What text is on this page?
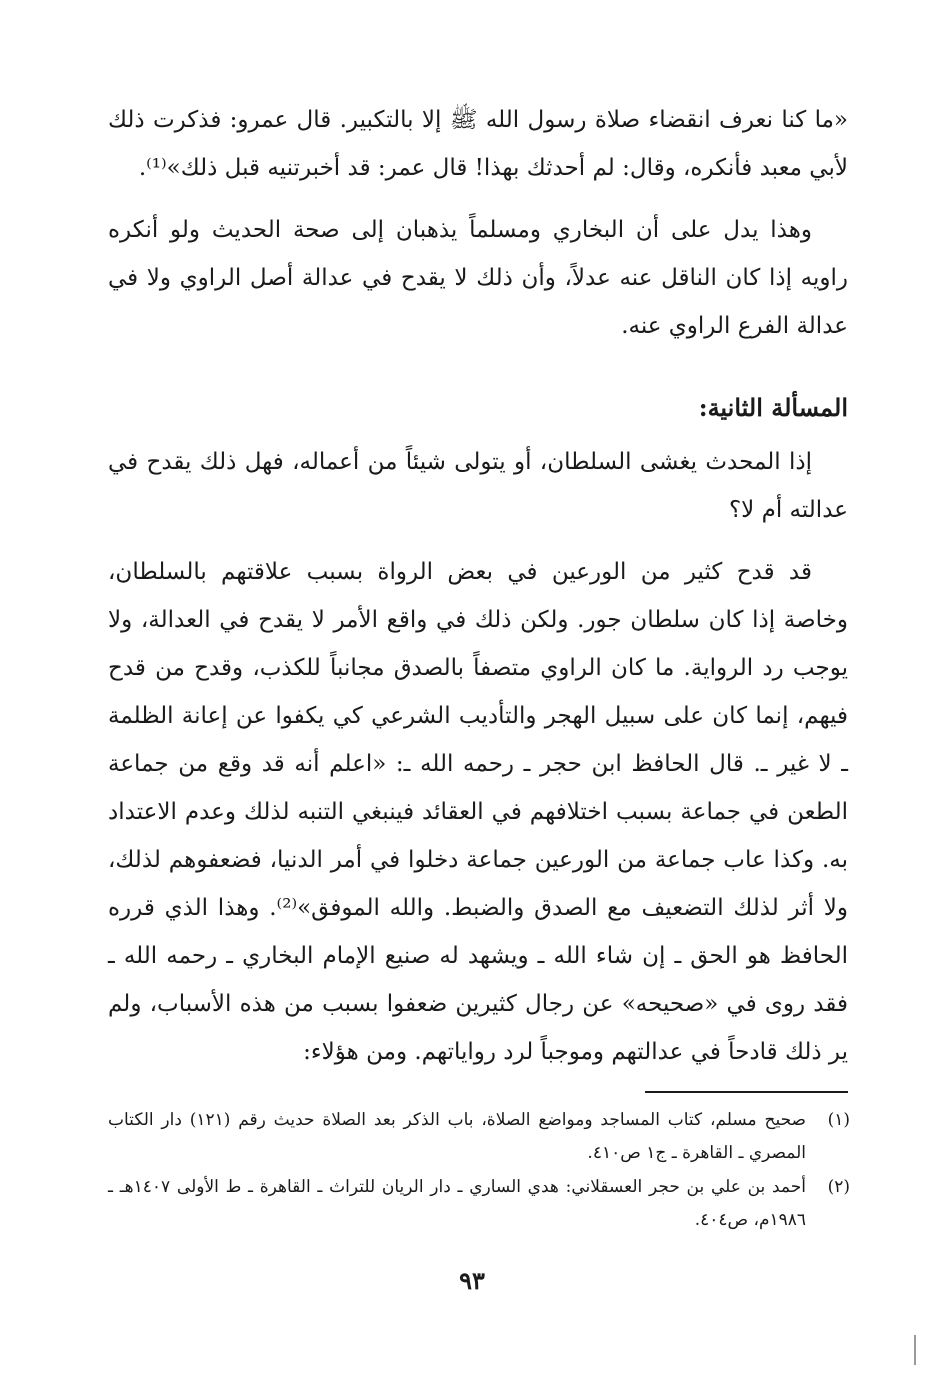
«ما كنا نعرف انقضاء صلاة رسول الله ﷺ إلا بالتكبير. قال عمرو: فذكرت ذلك لأبي معبد فأنكره، وقال: لم أحدثك بهذا! قال عمر: قد أخبرتنيه قبل ذلك»⁽¹⁾.

وهذا يدل على أن البخاري ومسلماً يذهبان إلى صحة الحديث ولو أنكره راويه إذا كان الناقل عنه عدلاً، وأن ذلك لا يقدح في عدالة أصل الراوي ولا في عدالة الفرع الراوي عنه.

المسألة الثانية:

إذا المحدث يغشى السلطان، أو يتولى شيئاً من أعماله، فهل ذلك يقدح في عدالته أم لا؟

قد قدح كثير من الورعين في بعض الرواة بسبب علاقتهم بالسلطان، وخاصة إذا كان سلطان جور. ولكن ذلك في واقع الأمر لا يقدح في العدالة، ولا يوجب رد الرواية. ما كان الراوي متصفاً بالصدق مجانباً للكذب، وقدح من قدح فيهم، إنما كان على سبيل الهجر والتأديب الشرعي كي يكفوا عن إعانة الظلمة ـ لا غير ـ. قال الحافظ ابن حجر ـ رحمه الله ـ: «اعلم أنه قد وقع من جماعة الطعن في جماعة بسبب اختلافهم في العقائد فينبغي التنبه لذلك وعدم الاعتداد به. وكذا عاب جماعة من الورعين جماعة دخلوا في أمر الدنيا، فضعفوهم لذلك، ولا أثر لذلك التضعيف مع الصدق والضبط. والله الموفق»⁽²⁾. وهذا الذي قرره الحافظ هو الحق ـ إن شاء الله ـ ويشهد له صنيع الإمام البخاري ـ رحمه الله ـ فقد روى في «صحيحه» عن رجال كثيرين ضعفوا بسبب من هذه الأسباب، ولم ير ذلك قادحاً في عدالتهم وموجباً لرد رواياتهم. ومن هؤلاء:

(١)
صحيح مسلم، كتاب المساجد ومواضع الصلاة، باب الذكر بعد الصلاة حديث رقم (١٢١) دار الكتاب المصري ـ القاهرة ـ ج١ ص٤١٠.
(٢)
أحمد بن علي بن حجر العسقلاني: هدي الساري ـ دار الريان للتراث ـ القاهرة ـ ط الأولى ١٤٠٧هـ ـ ١٩٨٦م، ص٤٠٤.
٩٣
